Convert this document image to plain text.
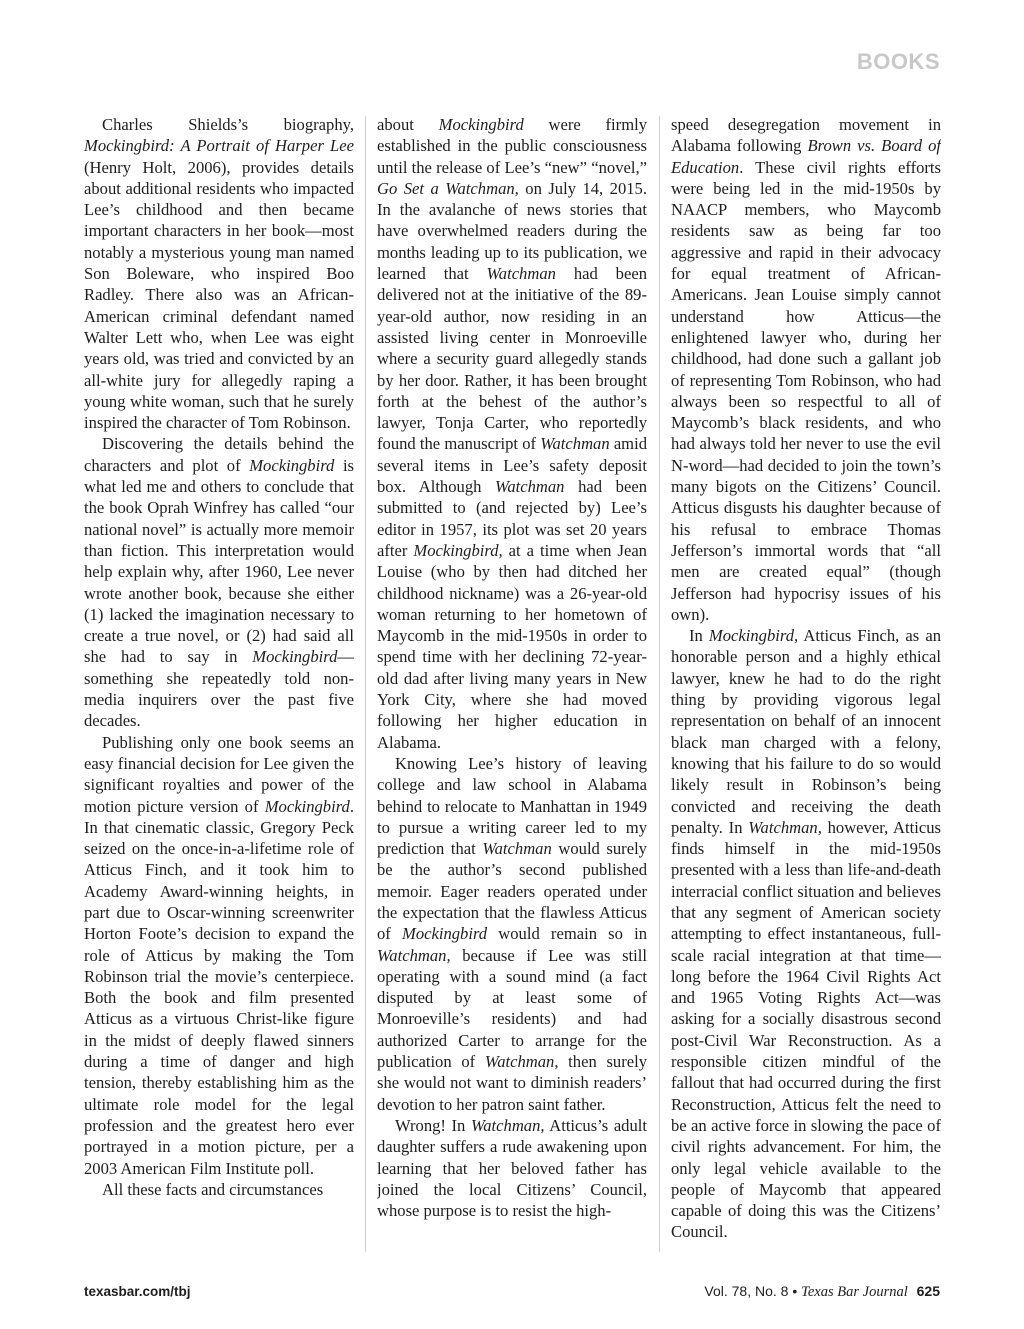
BOOKS

Charles Shields’s biography, Mockingbird: A Portrait of Harper Lee (Henry Holt, 2006), provides details about additional residents who impacted Lee’s childhood and then became important characters in her book—most notably a mysterious young man named Son Boleware, who inspired Boo Radley. There also was an African-American criminal defendant named Walter Lett who, when Lee was eight years old, was tried and convicted by an all-white jury for allegedly raping a young white woman, such that he surely inspired the character of Tom Robinson.

Discovering the details behind the characters and plot of Mockingbird is what led me and others to conclude that the book Oprah Winfrey has called “our national novel” is actually more memoir than fiction. This interpretation would help explain why, after 1960, Lee never wrote another book, because she either (1) lacked the imagination necessary to create a true novel, or (2) had said all she had to say in Mockingbird—something she repeatedly told non-media inquirers over the past five decades.

Publishing only one book seems an easy financial decision for Lee given the significant royalties and power of the motion picture version of Mockingbird. In that cinematic classic, Gregory Peck seized on the once-in-a-lifetime role of Atticus Finch, and it took him to Academy Award-winning heights, in part due to Oscar-winning screenwriter Horton Foote’s decision to expand the role of Atticus by making the Tom Robinson trial the movie’s centerpiece. Both the book and film presented Atticus as a virtuous Christ-like figure in the midst of deeply flawed sinners during a time of danger and high tension, thereby establishing him as the ultimate role model for the legal profession and the greatest hero ever portrayed in a motion picture, per a 2003 American Film Institute poll.

All these facts and circumstances

about Mockingbird were firmly established in the public consciousness until the release of Lee’s “new” “novel,” Go Set a Watchman, on July 14, 2015. In the avalanche of news stories that have overwhelmed readers during the months leading up to its publication, we learned that Watchman had been delivered not at the initiative of the 89-year-old author, now residing in an assisted living center in Monroeville where a security guard allegedly stands by her door. Rather, it has been brought forth at the behest of the author’s lawyer, Tonja Carter, who reportedly found the manuscript of Watchman amid several items in Lee’s safety deposit box. Although Watchman had been submitted to (and rejected by) Lee’s editor in 1957, its plot was set 20 years after Mockingbird, at a time when Jean Louise (who by then had ditched her childhood nickname) was a 26-year-old woman returning to her hometown of Maycomb in the mid-1950s in order to spend time with her declining 72-year-old dad after living many years in New York City, where she had moved following her higher education in Alabama.

Knowing Lee’s history of leaving college and law school in Alabama behind to relocate to Manhattan in 1949 to pursue a writing career led to my prediction that Watchman would surely be the author’s second published memoir. Eager readers operated under the expectation that the flawless Atticus of Mockingbird would remain so in Watchman, because if Lee was still operating with a sound mind (a fact disputed by at least some of Monroeville’s residents) and had authorized Carter to arrange for the publication of Watchman, then surely she would not want to diminish readers’ devotion to her patron saint father.

Wrong! In Watchman, Atticus’s adult daughter suffers a rude awakening upon learning that her beloved father has joined the local Citizens’ Council, whose purpose is to resist the high-

speed desegregation movement in Alabama following Brown vs. Board of Education. These civil rights efforts were being led in the mid-1950s by NAACP members, who Maycomb residents saw as being far too aggressive and rapid in their advocacy for equal treatment of African-Americans. Jean Louise simply cannot understand how Atticus—the enlightened lawyer who, during her childhood, had done such a gallant job of representing Tom Robinson, who had always been so respectful to all of Maycomb’s black residents, and who had always told her never to use the evil N-word—had decided to join the town’s many bigots on the Citizens’ Council. Atticus disgusts his daughter because of his refusal to embrace Thomas Jefferson’s immortal words that “all men are created equal” (though Jefferson had hypocrisy issues of his own).

In Mockingbird, Atticus Finch, as an honorable person and a highly ethical lawyer, knew he had to do the right thing by providing vigorous legal representation on behalf of an innocent black man charged with a felony, knowing that his failure to do so would likely result in Robinson’s being convicted and receiving the death penalty. In Watchman, however, Atticus finds himself in the mid-1950s presented with a less than life-and-death interracial conflict situation and believes that any segment of American society attempting to effect instantaneous, full-scale racial integration at that time—long before the 1964 Civil Rights Act and 1965 Voting Rights Act—was asking for a socially disastrous second post-Civil War Reconstruction. As a responsible citizen mindful of the fallout that had occurred during the first Reconstruction, Atticus felt the need to be an active force in slowing the pace of civil rights advancement. For him, the only legal vehicle available to the people of Maycomb that appeared capable of doing this was the Citizens’ Council.

texasbar.com/tbj	Vol. 78, No. 8 • Texas Bar Journal 625
